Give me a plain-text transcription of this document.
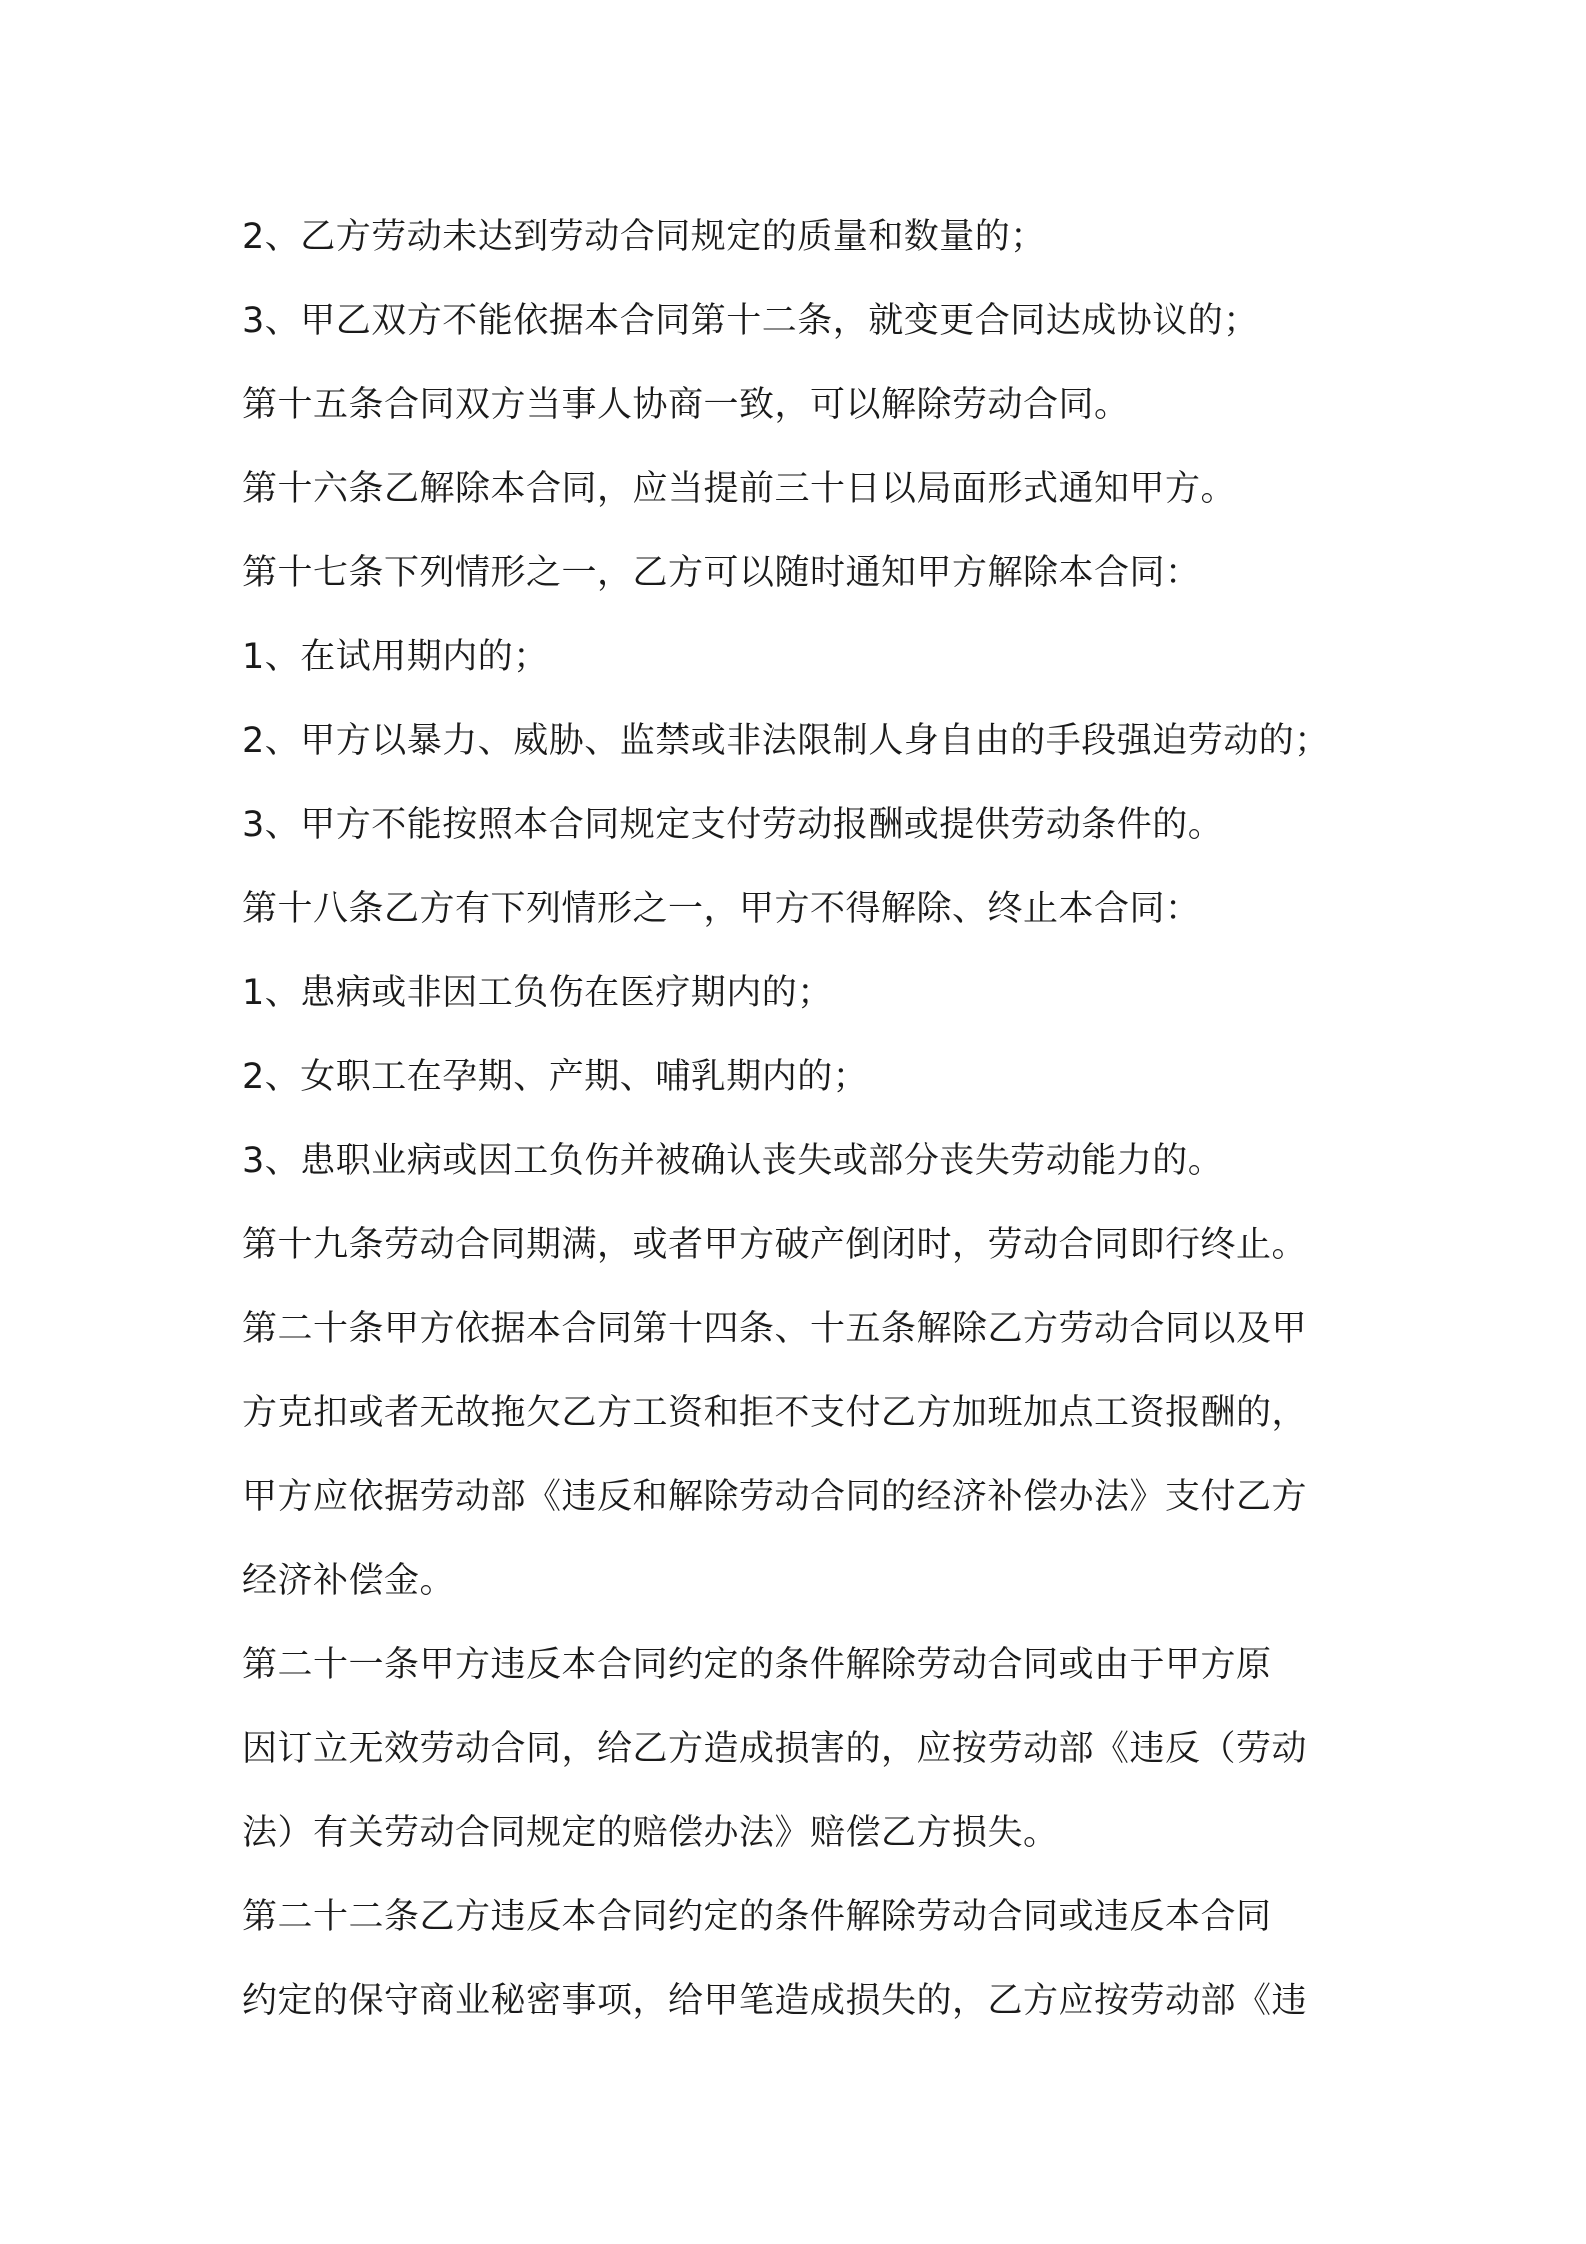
2、乙方劳动未达到劳动合同规定的质量和数量的；
3、甲乙双方不能依据本合同第十二条，就变更合同达成协议的；
第十五条合同双方当事人协商一致，可以解除劳动合同。
第十六条乙解除本合同，应当提前三十日以局面形式通知甲方。
第十七条下列情形之一，乙方可以随时通知甲方解除本合同：
1、在试用期内的；
2、甲方以暴力、威胁、监禁或非法限制人身自由的手段强迫劳动的；
3、甲方不能按照本合同规定支付劳动报酬或提供劳动条件的。
第十八条乙方有下列情形之一，甲方不得解除、终止本合同：
1、患病或非因工负伤在医疗期内的；
2、女职工在孕期、产期、哺乳期内的；
3、患职业病或因工负伤并被确认丧失或部分丧失劳动能力的。
第十九条劳动合同期满，或者甲方破产倒闭时，劳动合同即行终止。
第二十条甲方依据本合同第十四条、十五条解除乙方劳动合同以及甲
方克扣或者无故拖欠乙方工资和拒不支付乙方加班加点工资报酬的，
甲方应依据劳动部《违反和解除劳动合同的经济补偿办法》支付乙方
经济补偿金。
第二十一条甲方违反本合同约定的条件解除劳动合同或由于甲方原
因订立无效劳动合同，给乙方造成损害的，应按劳动部《违反（劳动
法）有关劳动合同规定的赔偿办法》赔偿乙方损失。
第二十二条乙方违反本合同约定的条件解除劳动合同或违反本合同
约定的保守商业秘密事项，给甲笔造成损失的，乙方应按劳动部《违
